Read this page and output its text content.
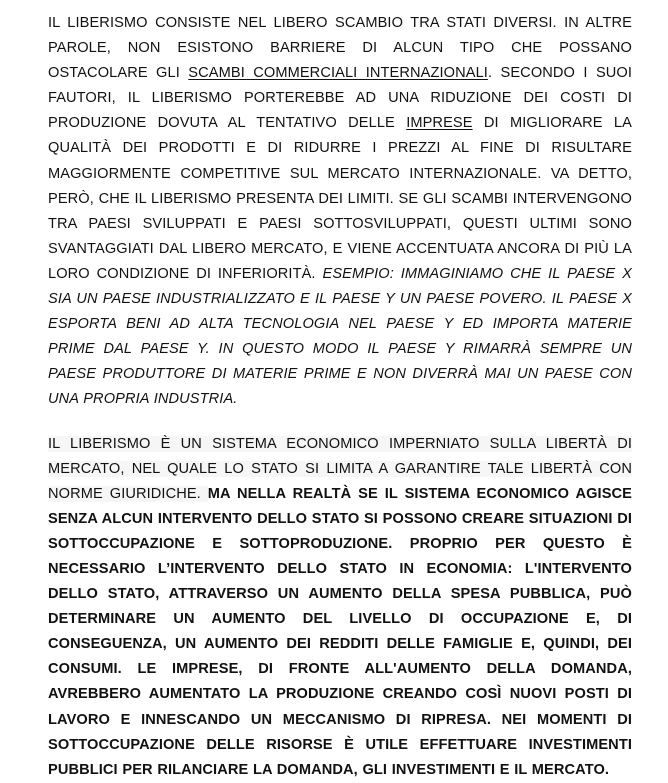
IL LIBERISMO CONSISTE NEL LIBERO SCAMBIO TRA STATI DIVERSI. IN ALTRE PAROLE, NON ESISTONO BARRIERE DI ALCUN TIPO CHE POSSANO OSTACOLARE GLI SCAMBI COMMERCIALI INTERNAZIONALI. SECONDO I SUOI FAUTORI, IL LIBERISMO PORTEREBBE AD UNA RIDUZIONE DEI COSTI DI PRODUZIONE DOVUTA AL TENTATIVO DELLE IMPRESE DI MIGLIORARE LA QUALITÀ DEI PRODOTTI E DI RIDURRE I PREZZI AL FINE DI RISULTARE MAGGIORMENTE COMPETITIVE SUL MERCATO INTERNAZIONALE. VA DETTO, PERÒ, CHE IL LIBERISMO PRESENTA DEI LIMITI. SE GLI SCAMBI INTERVENGONO TRA PAESI SVILUPPATI E PAESI SOTTOSVILUPPATI, QUESTI ULTIMI SONO SVANTAGGIATI DAL LIBERO MERCATO, E VIENE ACCENTUATA ANCORA DI PIÙ LA LORO CONDIZIONE DI INFERIORITÀ. ESEMPIO: IMMAGINIAMO CHE IL PAESE X SIA UN PAESE INDUSTRIALIZZATO E IL PAESE Y UN PAESE POVERO. IL PAESE X ESPORTA BENI AD ALTA TECNOLOGIA NEL PAESE Y ED IMPORTA MATERIE PRIME DAL PAESE Y. IN QUESTO MODO IL PAESE Y RIMARRÀ SEMPRE UN PAESE PRODUTTORE DI MATERIE PRIME E NON DIVERRÀ MAI UN PAESE CON UNA PROPRIA INDUSTRIA.

IL LIBERISMO È UN SISTEMA ECONOMICO IMPERNIATO SULLA LIBERTÀ DI MERCATO, NEL QUALE LO STATO SI LIMITA A GARANTIRE TALE LIBERTÀ CON NORME GIURIDICHE. MA NELLA REALTÀ SE IL SISTEMA ECONOMICO AGISCE SENZA ALCUN INTERVENTO DELLO STATO SI POSSONO CREARE SITUAZIONI DI SOTTOCCUPAZIONE E SOTTOPRODUZIONE. PROPRIO PER QUESTO È NECESSARIO L’INTERVENTO DELLO STATO IN ECONOMIA: L'INTERVENTO DELLO STATO, ATTRAVERSO UN AUMENTO DELLA SPESA PUBBLICA, PUÒ DETERMINARE UN AUMENTO DEL LIVELLO DI OCCUPAZIONE E, DI CONSEGUENZA, UN AUMENTO DEI REDDITI DELLE FAMIGLIE E, QUINDI, DEI CONSUMI. LE IMPRESE, DI FRONTE ALL'AUMENTO DELLA DOMANDA, AVREBBERO AUMENTATO LA PRODUZIONE CREANDO COSÌ NUOVI POSTI DI LAVORO E INNESCANDO UN MECCANISMO DI RIPRESA. NEI MOMENTI DI SOTTOCCUPAZIONE DELLE RISORSE È UTILE EFFETTUARE INVESTIMENTI PUBBLICI PER RILANCIARE LA DOMANDA, GLI INVESTIMENTI E IL MERCATO.
